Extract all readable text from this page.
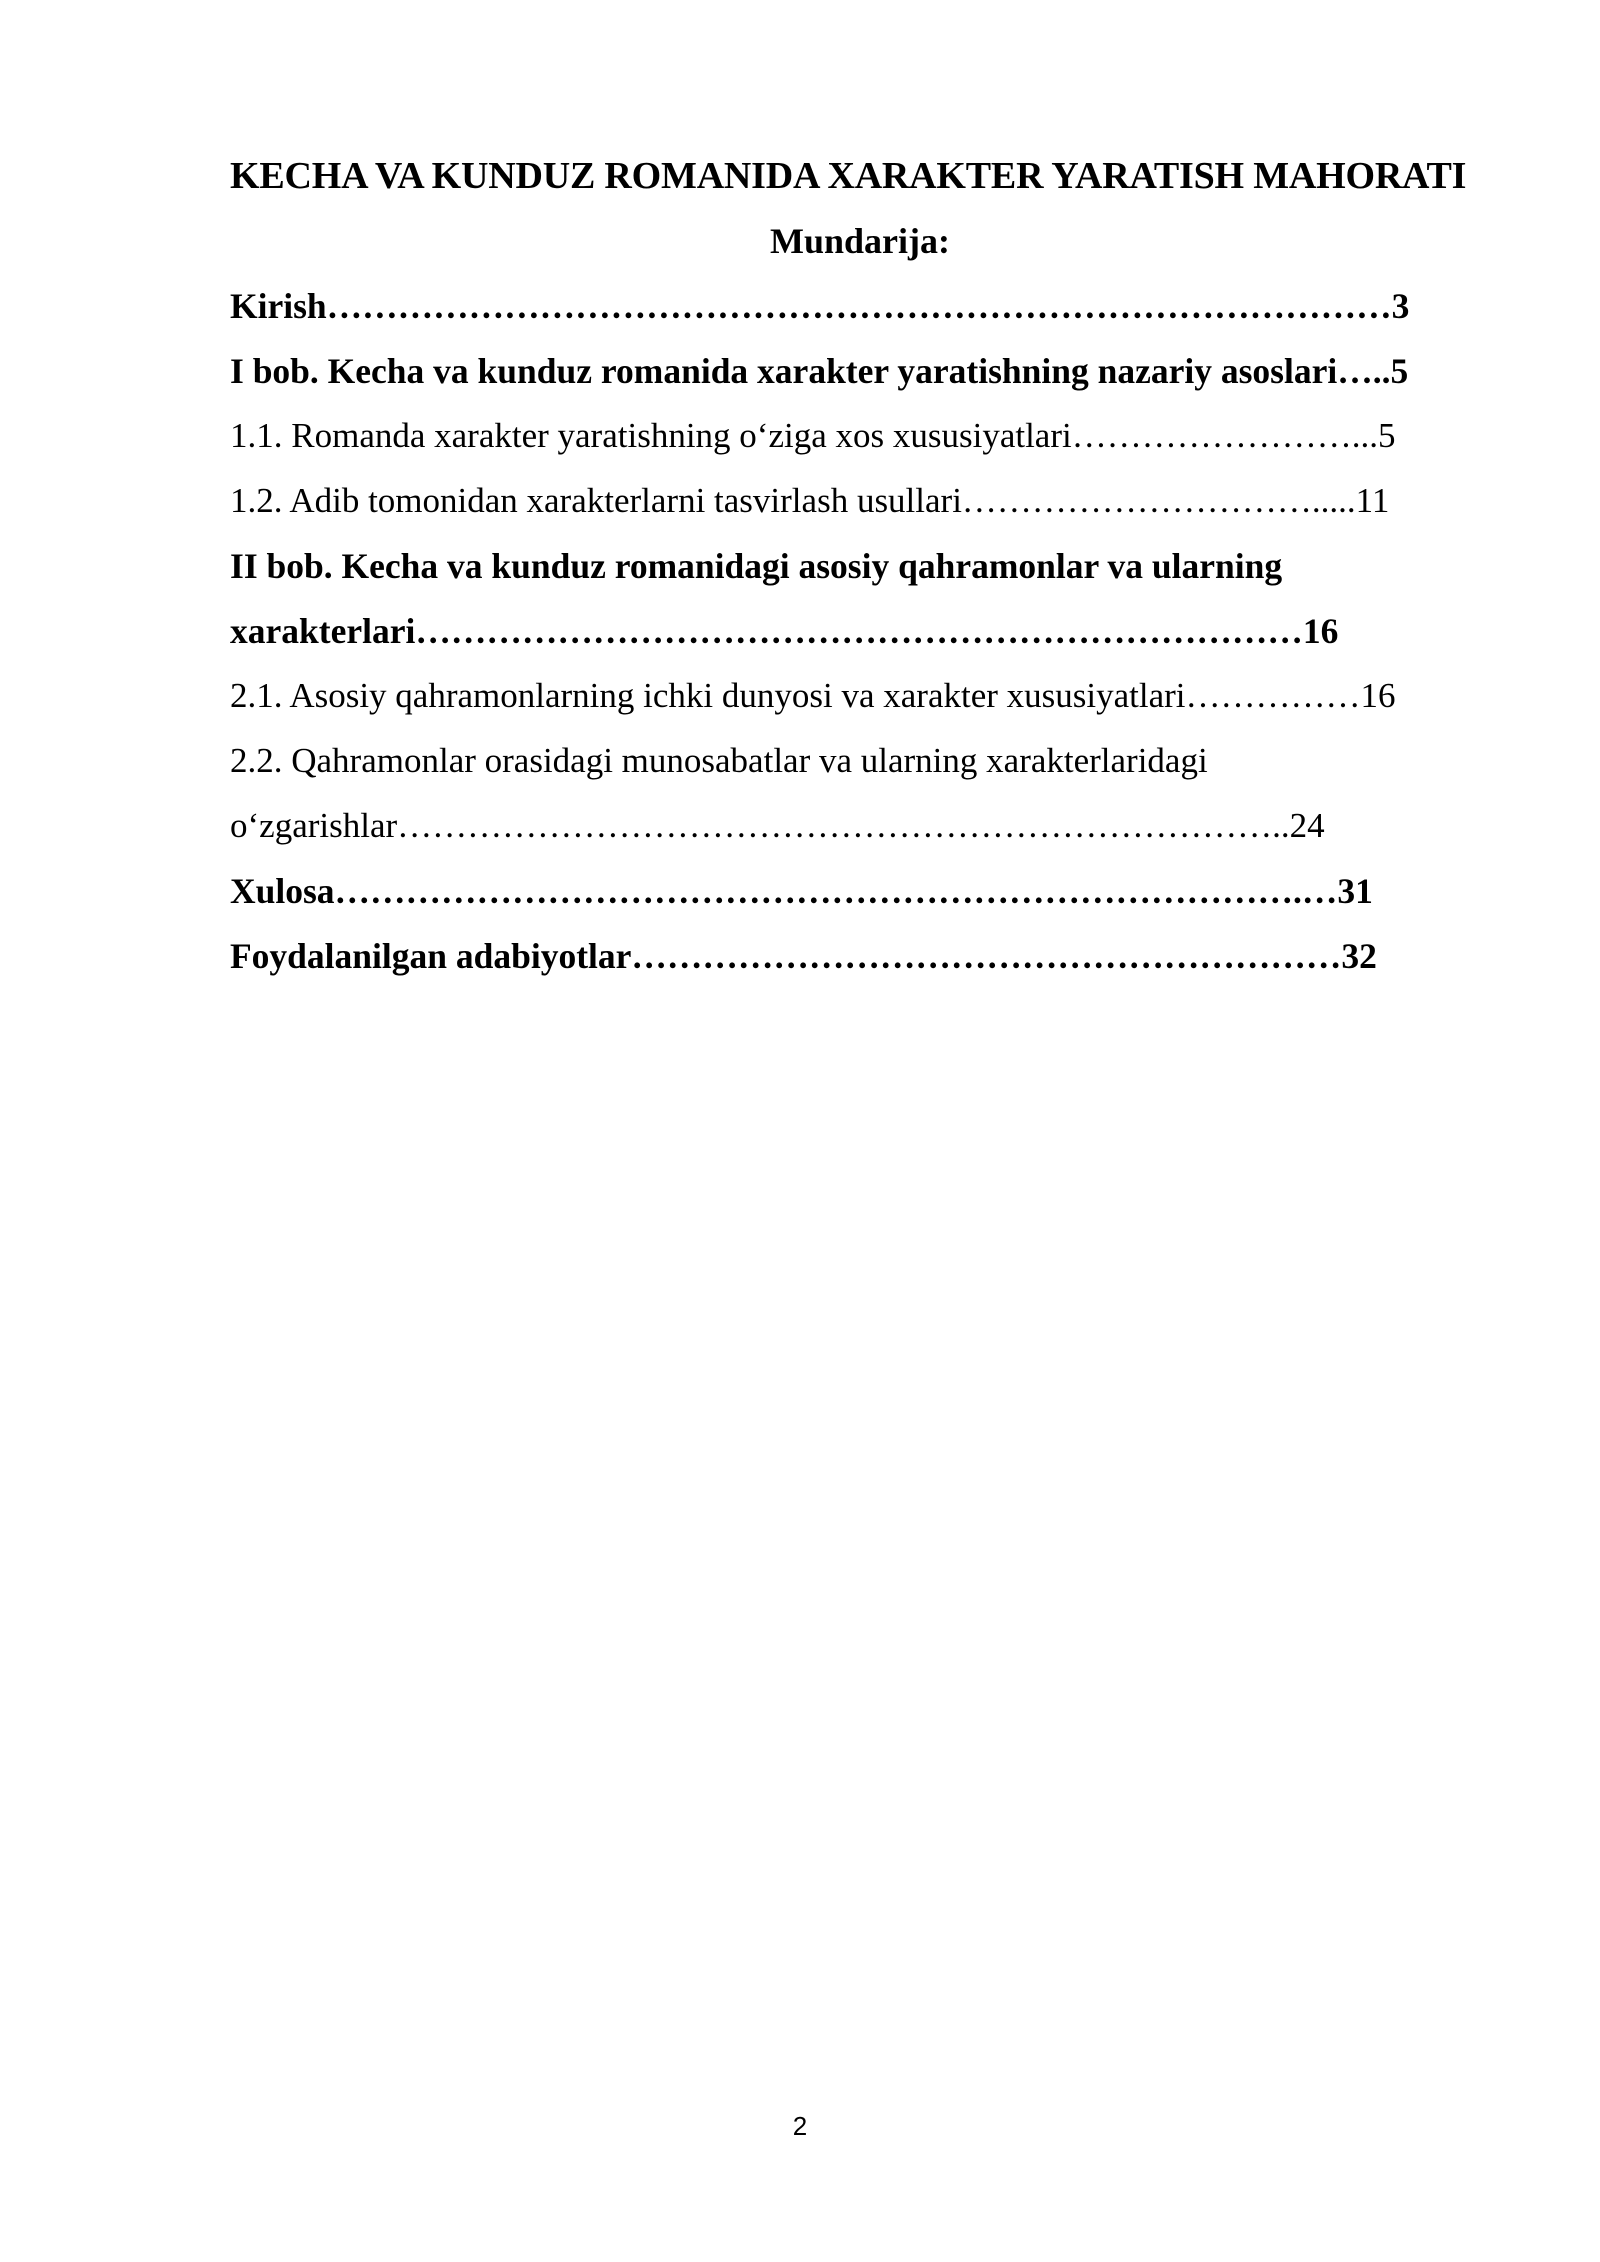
KECHA VA KUNDUZ ROMANIDA XARAKTER YARATISH MAHORATI
Mundarija:
Kirish………………………………………………………………………………3
I bob. Kecha va kunduz romanida xarakter yaratishning nazariy asoslari…..5
1.1. Romanda xarakter yaratishning o‘ziga xos xususiyatlari……………………...5
1.2. Adib tomonidan xarakterlarni tasvirlash usullari………………………….....11
II bob. Kecha va kunduz romanidagi asosiy qahramonlar va ularning
xarakterlari…………………………………………………………………16
2.1. Asosiy qahramonlarning ichki dunyosi va xarakter xususiyatlari……………16
2.2. Qahramonlar orasidagi munosabatlar va ularning xarakterlaridagi
o‘zgarishlar…………………………………………………………………..24
Xulosa……………………………………………………………………….…31
Foydalanilgan adabiyotlar……………………………………………………32
2
